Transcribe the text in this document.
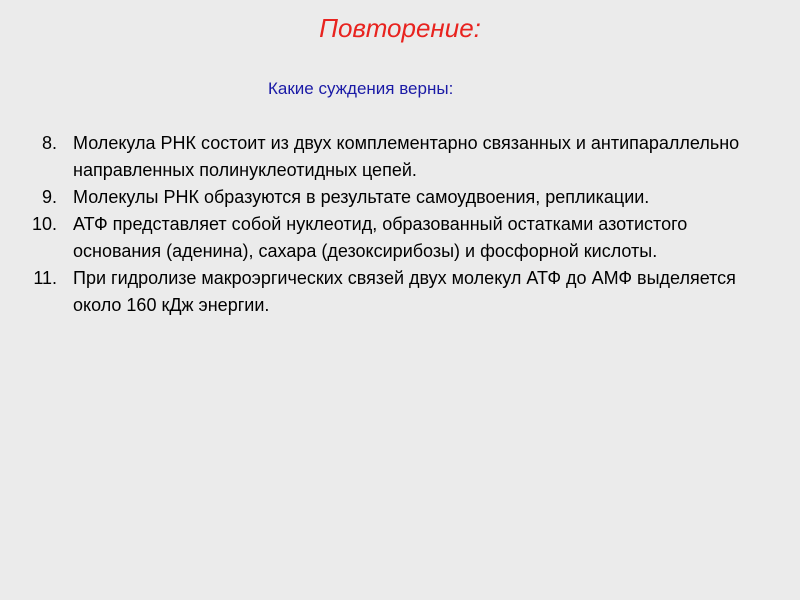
Повторение:
Какие суждения верны:
8. Молекула РНК состоит из двух комплементарно связанных и антипараллельно направленных полинуклеотидных цепей.
9. Молекулы РНК образуются в результате самоудвоения, репликации.
10. АТФ представляет собой нуклеотид, образованный остатками азотистого основания (аденина), сахара (дезоксирибозы) и фосфорной кислоты.
11. При гидролизе макроэргических связей двух молекул АТФ до АМФ выделяется около 160 кДж энергии.
